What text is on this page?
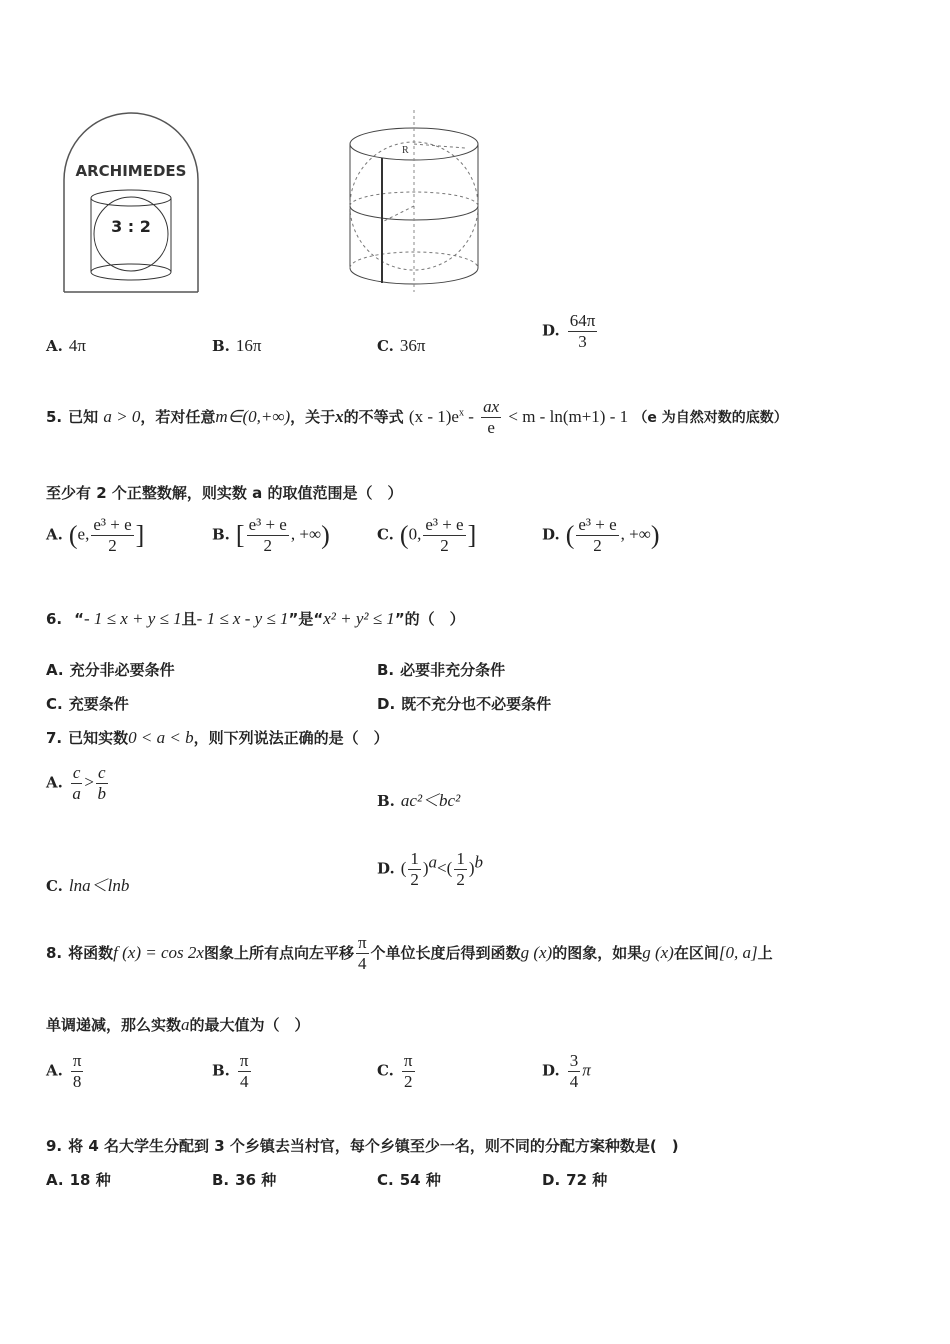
ARCHIMEDES
3 : 2
R
A. 4π	B. 16π	C. 36π
D. $\frac{64\pi}{3}$
5. 已知 a > 0，若对任意m∈(0,+∞)，关于x的不等式 $(x - 1)e^x - \frac{ax}{e} < m - \ln(m+1) - 1$ （e 为自然对数的底数）
至少有 2 个正整数解，则实数 a 的取值范围是（　）
A. (e, $\frac{\text{e³ + e}}{2}$ ]	B. [ $\frac{\text{e³ + e}}{2}$ , +∞)	C. (0, $\frac{\text{e³ + e}}{2}$ ]	D. ( $\frac{\text{e³ + e}}{2}$ , +∞)
6. “- 1 ≤ x + y ≤ 1且- 1 ≤ x - y ≤ 1”是“x² + y² ≤ 1”的（　）
A. 充分非必要条件	B. 必要非充分条件
C. 充要条件	D. 既不充分也不必要条件
7. 已知实数0 < a < b，则下列说法正确的是（　）
A. $\frac{c}{a} > \frac{c}{b}$	B. ac²＜bc²
C. lna＜lnb
D. ( $\frac{1}{2} )^a<( \frac{1}{2} )^b$
8. 将函数f (x) = cos 2x图象上所有点向左平移 $\frac{\pi}{4}$ 个单位长度后得到函数g (x)的图象，如果g (x)在区间[0, a]上
单调递减，那么实数a的最大值为（　）
A. $\frac{\pi}{8}$	B. $\frac{\pi}{4}$	C. $\frac{\pi}{2}$	D. $\frac{3}{4}$ π
9. 将 4 名大学生分配到 3 个乡镇去当村官，每个乡镇至少一名，则不同的分配方案种数是(　)
A. 18 种	B. 36 种	C. 54 种	D. 72 种
